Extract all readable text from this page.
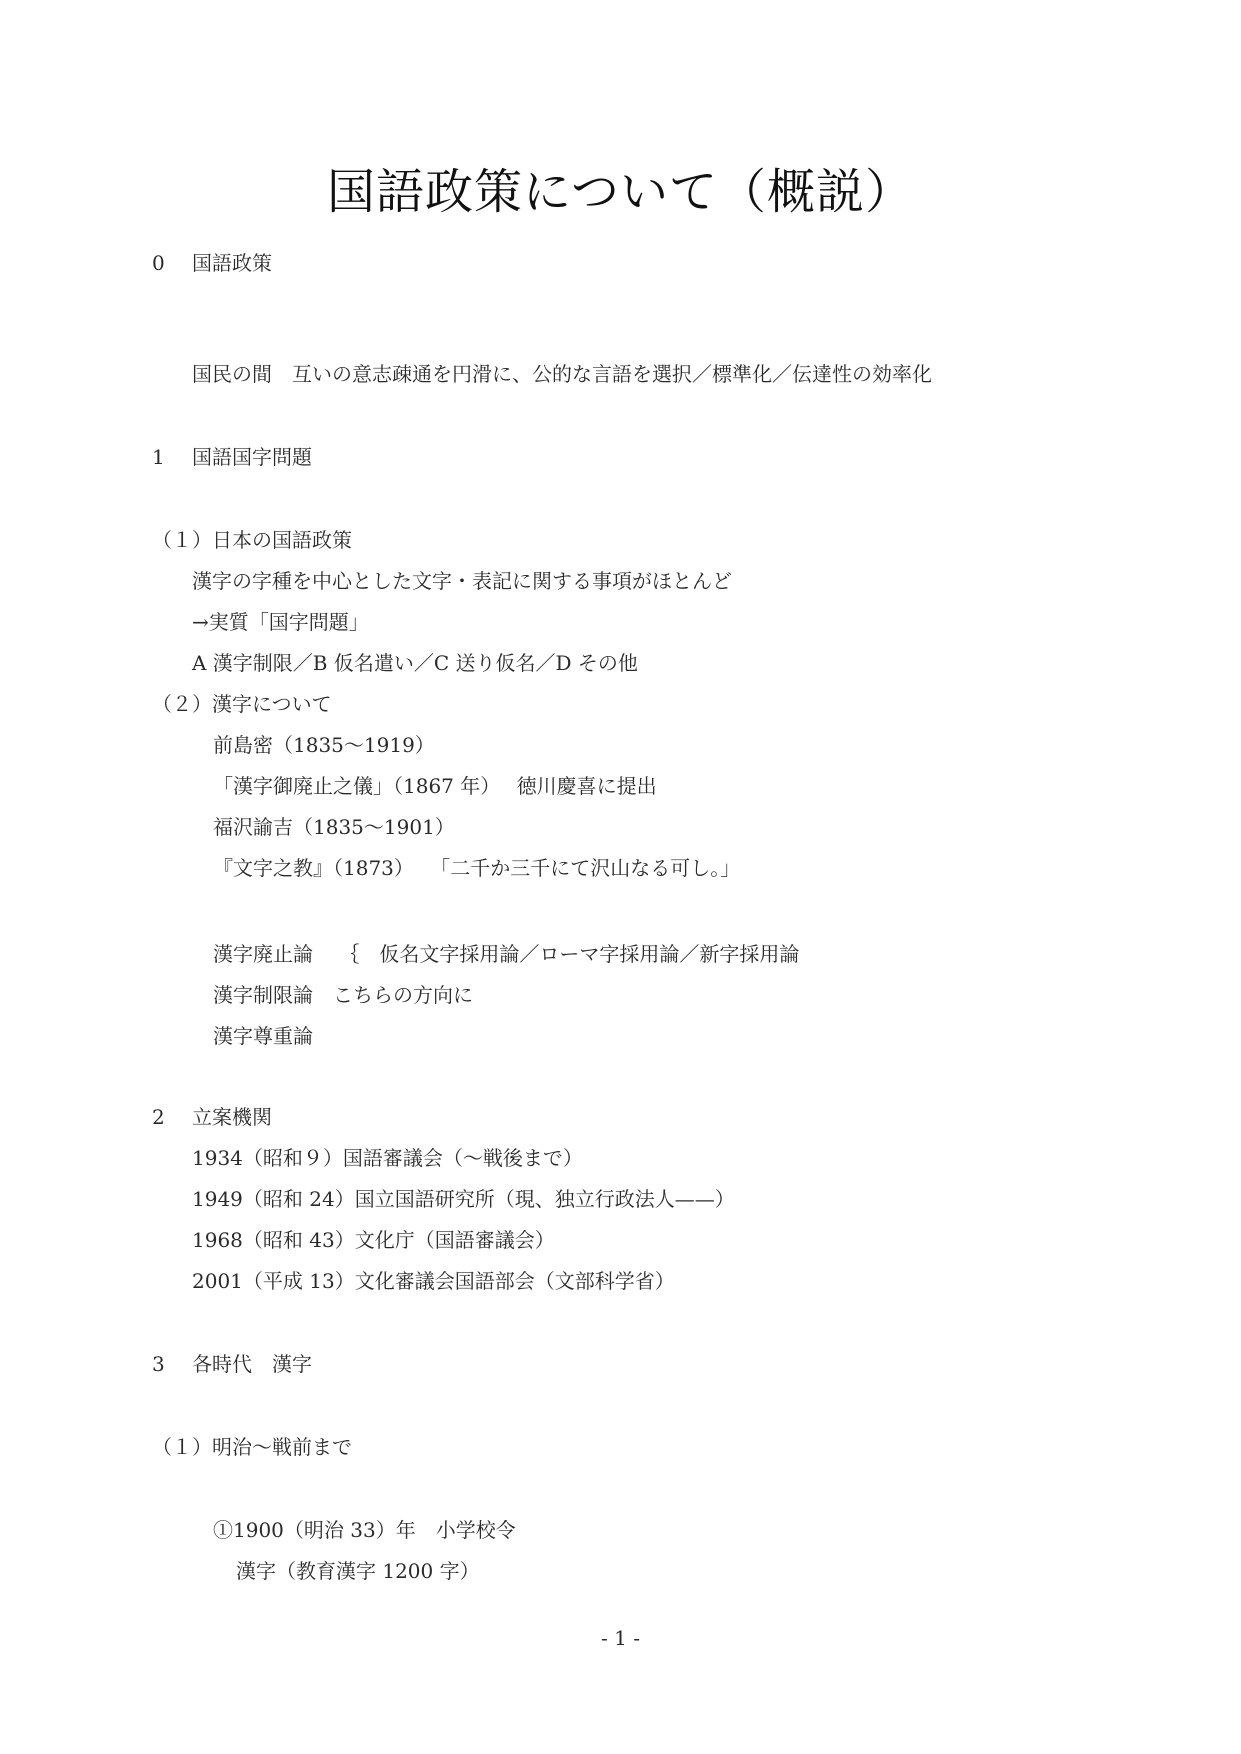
国語政策について（概説）
0 国語政策
国民の間　互いの意志疎通を円滑に、公的な言語を選択／標準化／伝達性の効率化
1 国語国字問題
（１）日本の国語政策
漢字の字種を中心とした文字・表記に関する事項がほとんど
→実質「国字問題」
A 漢字制限／B 仮名遣い／C 送り仮名／D その他
（２）漢字について
前島密（1835〜1919）
「漢字御廃止之儀」（1867 年）　 徳川慶喜に提出
福沢諭吉（1835〜1901）
『文字之教』（1873）　 「二千か三千にて沢山なる可し。」
漢字廃止論　 ｛　仮名文字採用論／ローマ字採用論／新字採用論
漢字制限論　こちらの方向に
漢字尊重論
2 立案機関
1934（昭和９）国語審議会（〜戦後まで）
1949（昭和 24）国立国語研究所（現、独立行政法人——）
1968（昭和 43）文化庁（国語審議会）
2001（平成 13）文化審議会国語部会（文部科学省）
3 各時代　漢字
（１）明治〜戦前まで
①1900（明治 33）年　小学校令
漢字（教育漢字 1200 字）
- 1 -
